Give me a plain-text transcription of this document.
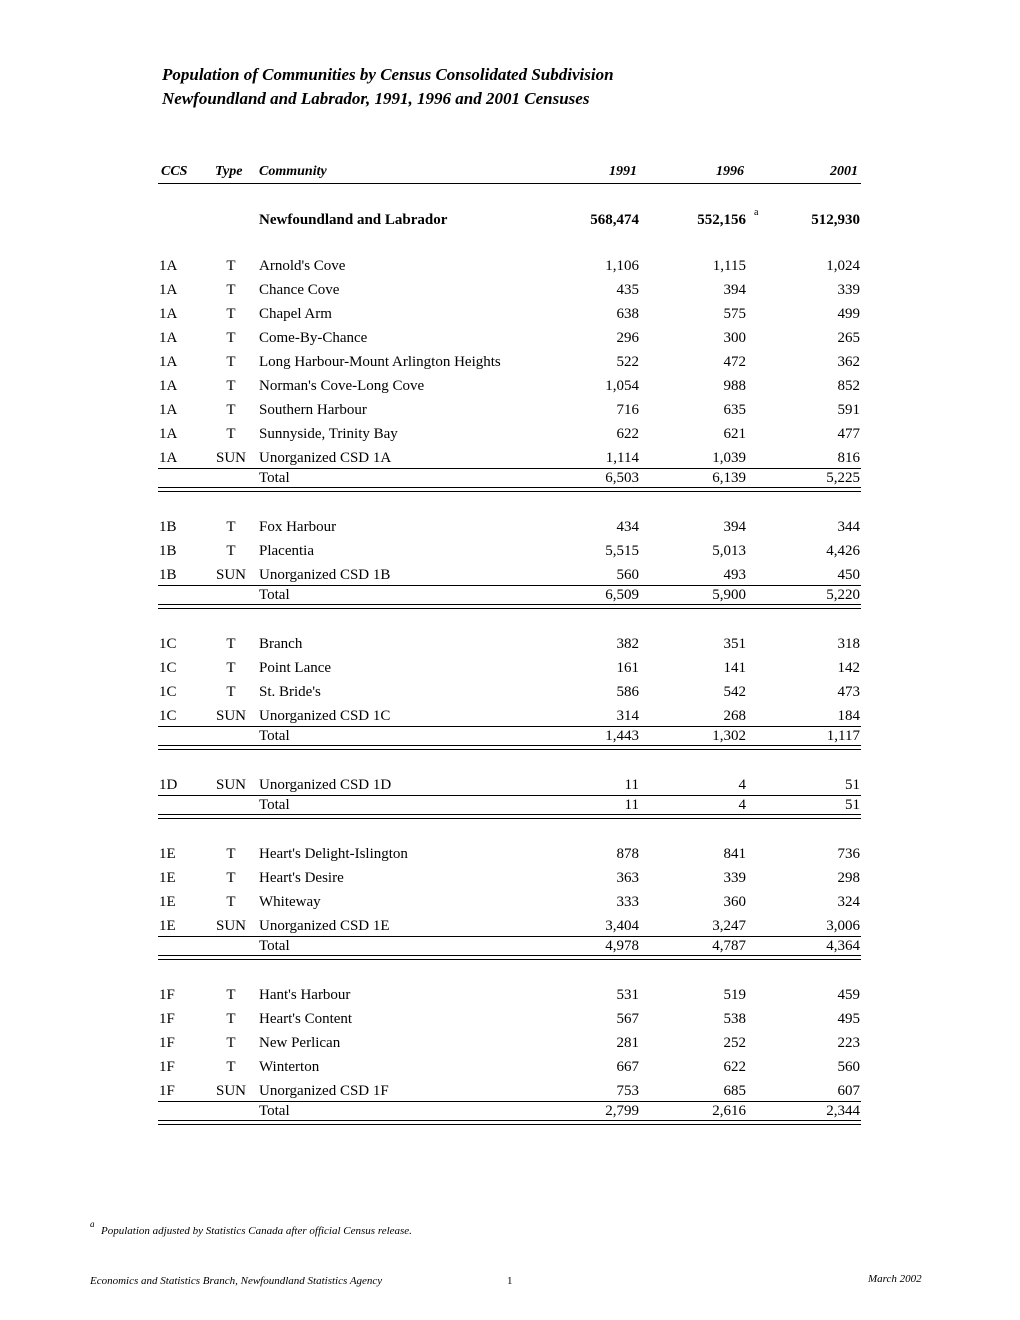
Population of Communities by Census Consolidated Subdivision
Newfoundland and Labrador, 1991, 1996 and 2001 Censuses
CCS Type Community	1991	1996	2001
Newfoundland and Labrador	568,474	552,156 $^a$	512,930
1A	T	Arnold's Cove	1,106	1,115	1,024
1A	T	Chance Cove	435	394	339
1A	T	Chapel Arm	638	575	499
1A	T	Come-By-Chance	296	300	265
1A	T	Long Harbour-Mount Arlington Heights	522	472	362
1A	T	Norman's Cove-Long Cove	1,054	988	852
1A	T	Southern Harbour	716	635	591
1A	T	Sunnyside, Trinity Bay	622	621	477
1A	SUN Unorganized CSD 1A	1,114	1,039	816
Total	6,503	6,139	5,225
1B	T	Fox Harbour	434	394	344
1B	T	Placentia	5,515	5,013	4,426
1B	SUN Unorganized CSD 1B	560	493	450
Total	6,509	5,900	5,220
1C	T	Branch	382	351	318
1C	T	Point Lance	161	141	142
1C	T	St. Bride's	586	542	473
1C	SUN Unorganized CSD 1C	314	268	184
Total	1,443	1,302	1,117
1D	SUN Unorganized CSD 1D	11	4	51
Total	11	4	51
1E	T	Heart's Delight-Islington	878	841	736
1E	T	Heart's Desire	363	339	298
1E	T	Whiteway	333	360	324
1E	SUN Unorganized CSD 1E	3,404	3,247	3,006
Total	4,978	4,787	4,364
1F	T	Hant's Harbour	531	519	459
1F	T	Heart's Content	567	538	495
1F	T	New Perlican	281	252	223
1F	T	Winterton	667	622	560
1F	SUN Unorganized CSD 1F	753	685	607
Total	2,799	2,616	2,344
a
Population adjusted by Statistics Canada after official Census release.
Economics and Statistics Branch, Newfoundland Statistics Agency	1	March 2002
